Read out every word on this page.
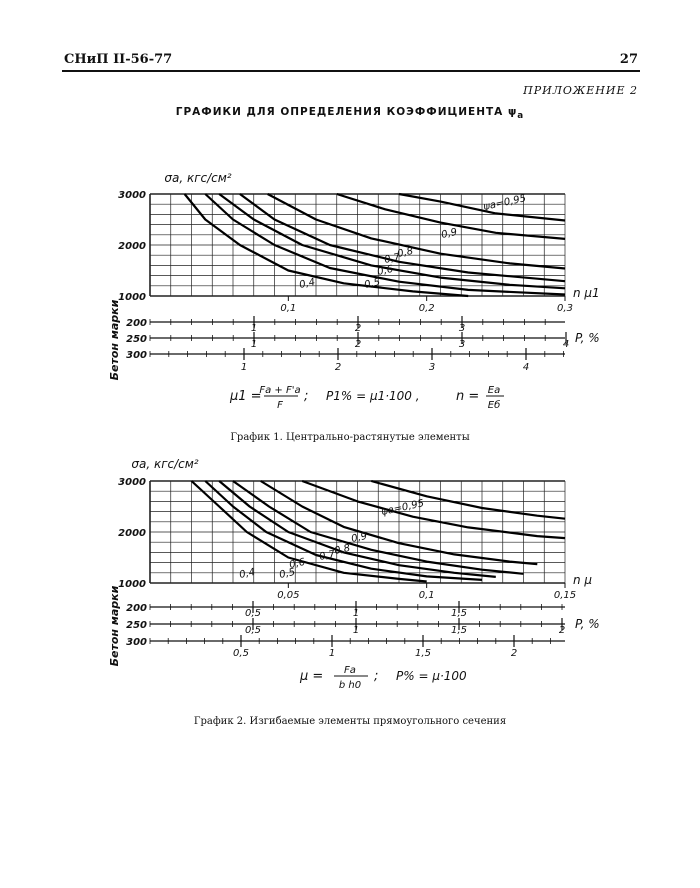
СНиП II-56-77	27
ПРИЛОЖЕНИЕ 2
ГРАФИКИ ДЛЯ ОПРЕДЕЛЕНИЯ КОЭФФИЦИЕНТА $\psi_a$
3000
2000
1000
σa, кгс/см²
0,1	0,2	0,3
n μ1
0,4	0,5
0,6
0,7
0,8
0,9
ψa=0,95
Бетон марки 200	1	2	3
250	1	2	3	4 P, %
300
1	2	3	4
μ1 =
Fa + F'a
F
; P1% = μ1·100 ,	n = Ea
Eб
График 1. Центрально-растянутые элементы
3000
2000
1000
σa, кгс/см²
0,05	0,1	0,15
n μ
0,4 0,5
0,6
0,7
0,8
0,9
ψa=0,95
Бетон марки 200	0,5	1	1,5
250	0,5	1	1,5	2 P, %
300
0,5	1	1,5	2
μ = Fa
b h0
; P% = μ·100
График 2. Изгибаемые элементы прямоугольного сечения
